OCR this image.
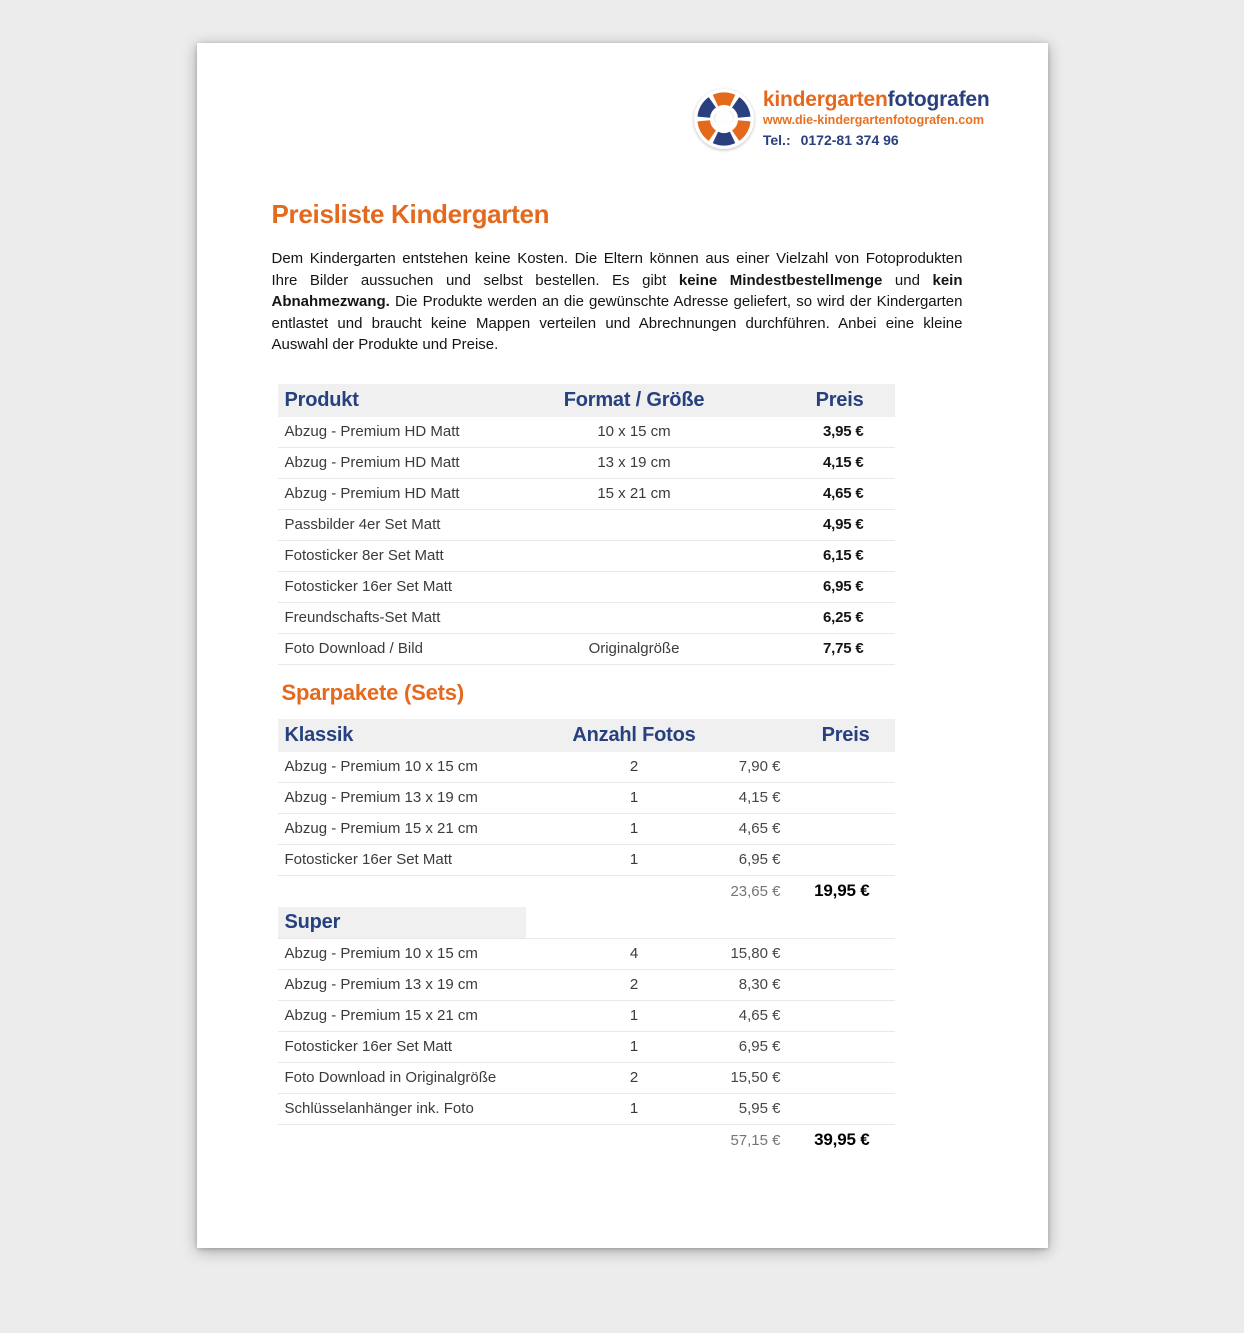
kindergartenfotografen
www.die-kindergartenfotografen.com
Tel.: 0172-81 374 96
Preisliste Kindergarten

Dem Kindergarten entstehen keine Kosten. Die Eltern können aus einer Vielzahl von Fotoprodukten Ihre Bilder aussuchen und selbst bestellen. Es gibt keine Mindestbestellmenge und kein Abnahmezwang. Die Produkte werden an die gewünschte Adresse geliefert, so wird der Kindergarten entlastet und braucht keine Mappen verteilen und Abrechnungen durchführen. Anbei eine kleine Auswahl der Produkte und Preise.

Produkt	Format / Größe	Preis
Abzug - Premium HD Matt	10 x 15 cm	3,95 €
Abzug - Premium HD Matt	13 x 19 cm	4,15 €
Abzug - Premium HD Matt	15 x 21 cm	4,65 €
Passbilder 4er Set Matt	4,95 €
Fotosticker 8er Set Matt	6,15 €
Fotosticker 16er Set Matt	6,95 €
Freundschafts-Set Matt	6,25 €
Foto Download / Bild	Originalgröße	7,75 €
Sparpakete (Sets)
Klassik	Anzahl Fotos	Preis
Abzug - Premium 10 x 15 cm	2	7,90 €
Abzug - Premium 13 x 19 cm	1	4,15 €
Abzug - Premium 15 x 21 cm	1	4,65 €
Fotosticker 16er Set Matt	1	6,95 €
23,65 €	19,95 €
Super
Abzug - Premium 10 x 15 cm	4	15,80 €
Abzug - Premium 13 x 19 cm	2	8,30 €
Abzug - Premium 15 x 21 cm	1	4,65 €
Fotosticker 16er Set Matt	1	6,95 €
Foto Download in Originalgröße	2	15,50 €
Schlüsselanhänger ink. Foto	1	5,95 €
57,15 €	39,95 €
